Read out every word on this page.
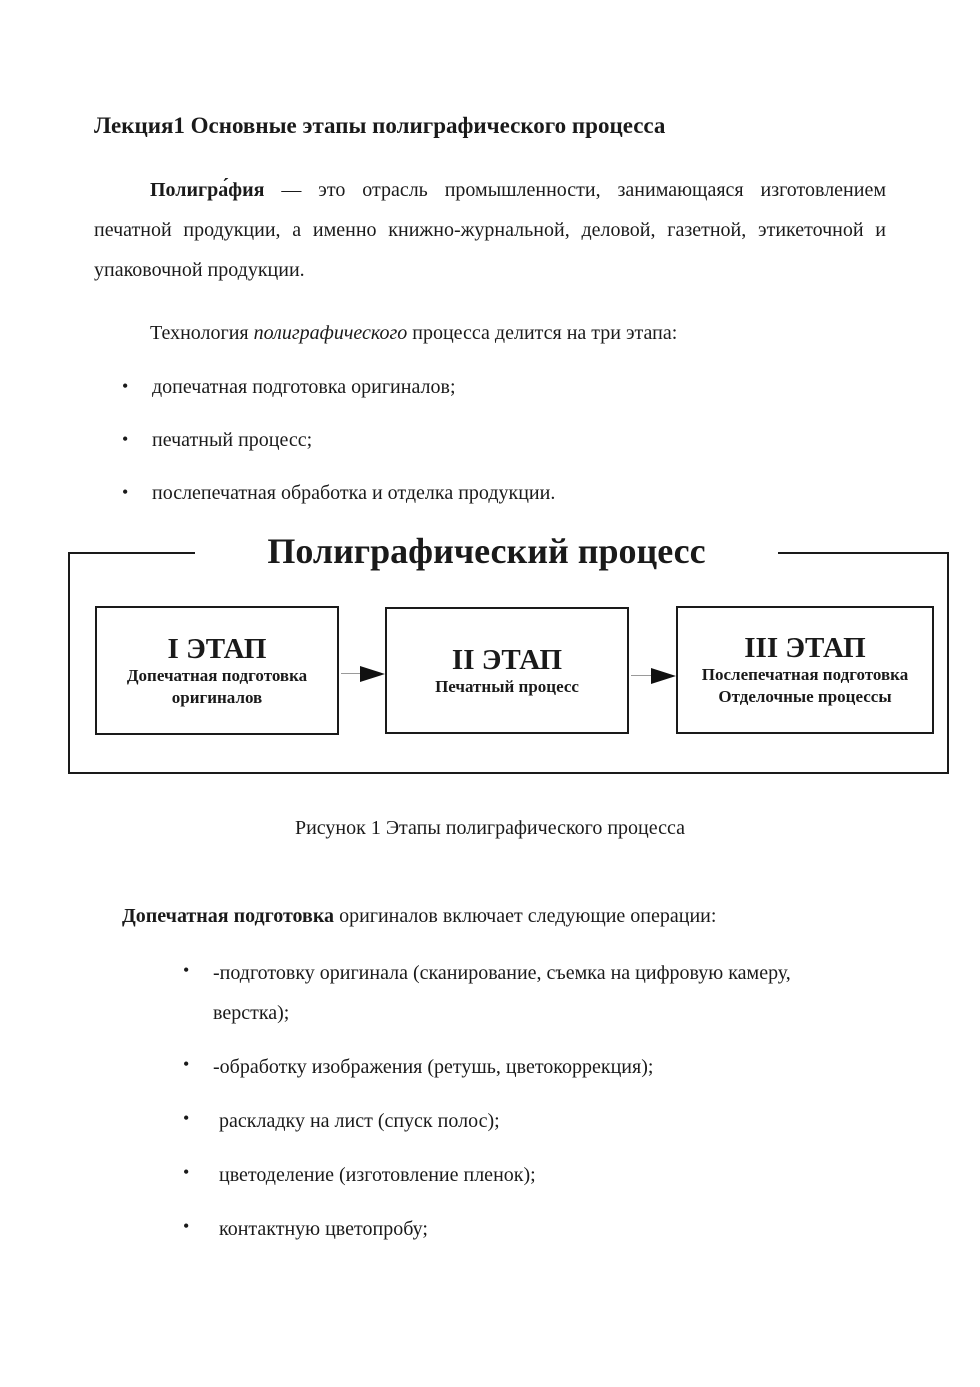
Лекция1 Основные этапы полиграфического процесса
Полигра́фия — это отрасль промышленности, занимающаяся изготовлением печатной продукции, а именно книжно-журнальной, деловой, газетной, этикеточной и упаковочной продукции.
Технология полиграфического процесса делится на три этапа:
• допечатная подготовка оригиналов;
• печатный процесс;
• послепечатная обработка и отделка продукции.
Полиграфический процесс
I ЭТАП
Допечатная подготовка
оригиналов
II ЭТАП
Печатный процесс
III ЭТАП
Послепечатная подготовка
Отделочные процессы
Рисунок 1 Этапы полиграфического процесса
Допечатная подготовка оригиналов включает следующие операции:
• -подготовку оригинала (сканирование, съемка на цифровую камеру,
верстка);
• -обработку изображения (ретушь, цветокоррекция);
• раскладку на лист (спуск полос);
• цветоделение (изготовление пленок);
• контактную цветопробу;
